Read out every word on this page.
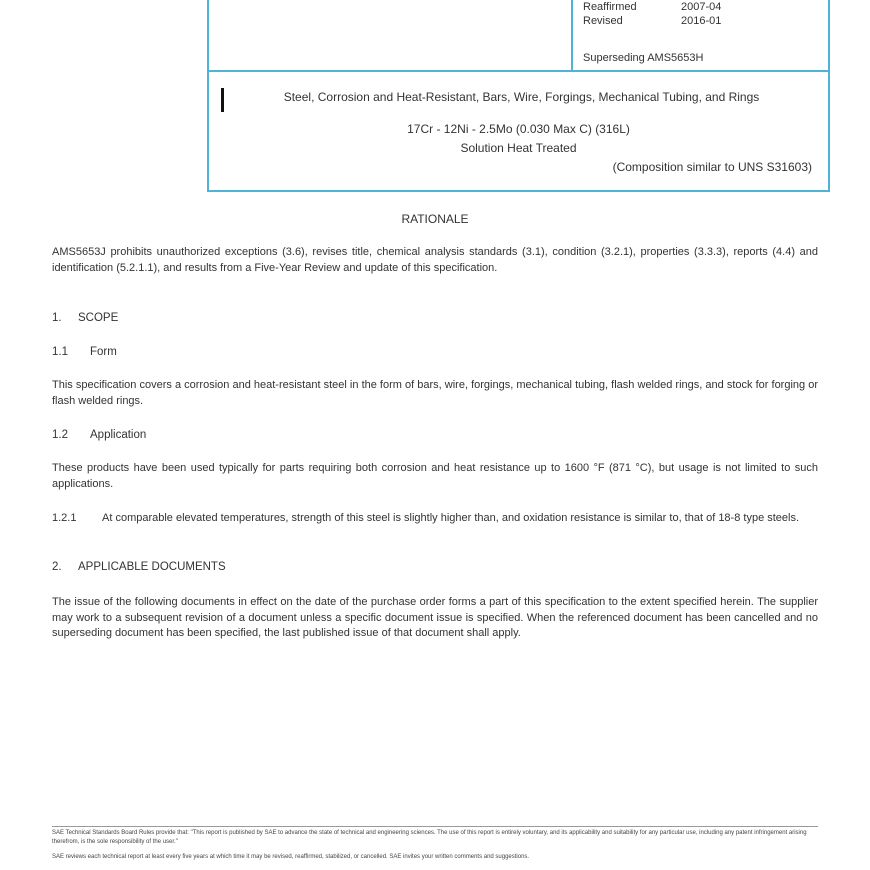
Reaffirmed	2007-04
Revised	2016-01
Superseding AMS5653H
Steel, Corrosion and Heat-Resistant, Bars, Wire, Forgings, Mechanical Tubing, and Rings
17Cr - 12Ni - 2.5Mo (0.030 Max C) (316L)
Solution Heat Treated
(Composition similar to UNS S31603)
RATIONALE
AMS5653J prohibits unauthorized exceptions (3.6), revises title, chemical analysis standards (3.1), condition (3.2.1), properties (3.3.3), reports (4.4) and identification (5.2.1.1), and results from a Five-Year Review and update of this specification.
1. SCOPE
1.1 Form
This specification covers a corrosion and heat-resistant steel in the form of bars, wire, forgings, mechanical tubing, flash welded rings, and stock for forging or flash welded rings.
1.2 Application
These products have been used typically for parts requiring both corrosion and heat resistance up to 1600 °F (871 °C), but usage is not limited to such applications.
1.2.1	At comparable elevated temperatures, strength of this steel is slightly higher than, and oxidation resistance is similar to, that of 18-8 type steels.
2. APPLICABLE DOCUMENTS
The issue of the following documents in effect on the date of the purchase order forms a part of this specification to the extent specified herein. The supplier may work to a subsequent revision of a document unless a specific document issue is specified. When the referenced document has been cancelled and no superseding document has been specified, the last published issue of that document shall apply.
SAE Technical Standards Board Rules provide that: "This report is published by SAE to advance the state of technical and engineering sciences. The use of this report is entirely voluntary, and its applicability and suitability for any particular use, including any patent infringement arising therefrom, is the sole responsibility of the user."
SAE reviews each technical report at least every five years at which time it may be revised, reaffirmed, stabilized, or cancelled. SAE invites your written comments and suggestions.
